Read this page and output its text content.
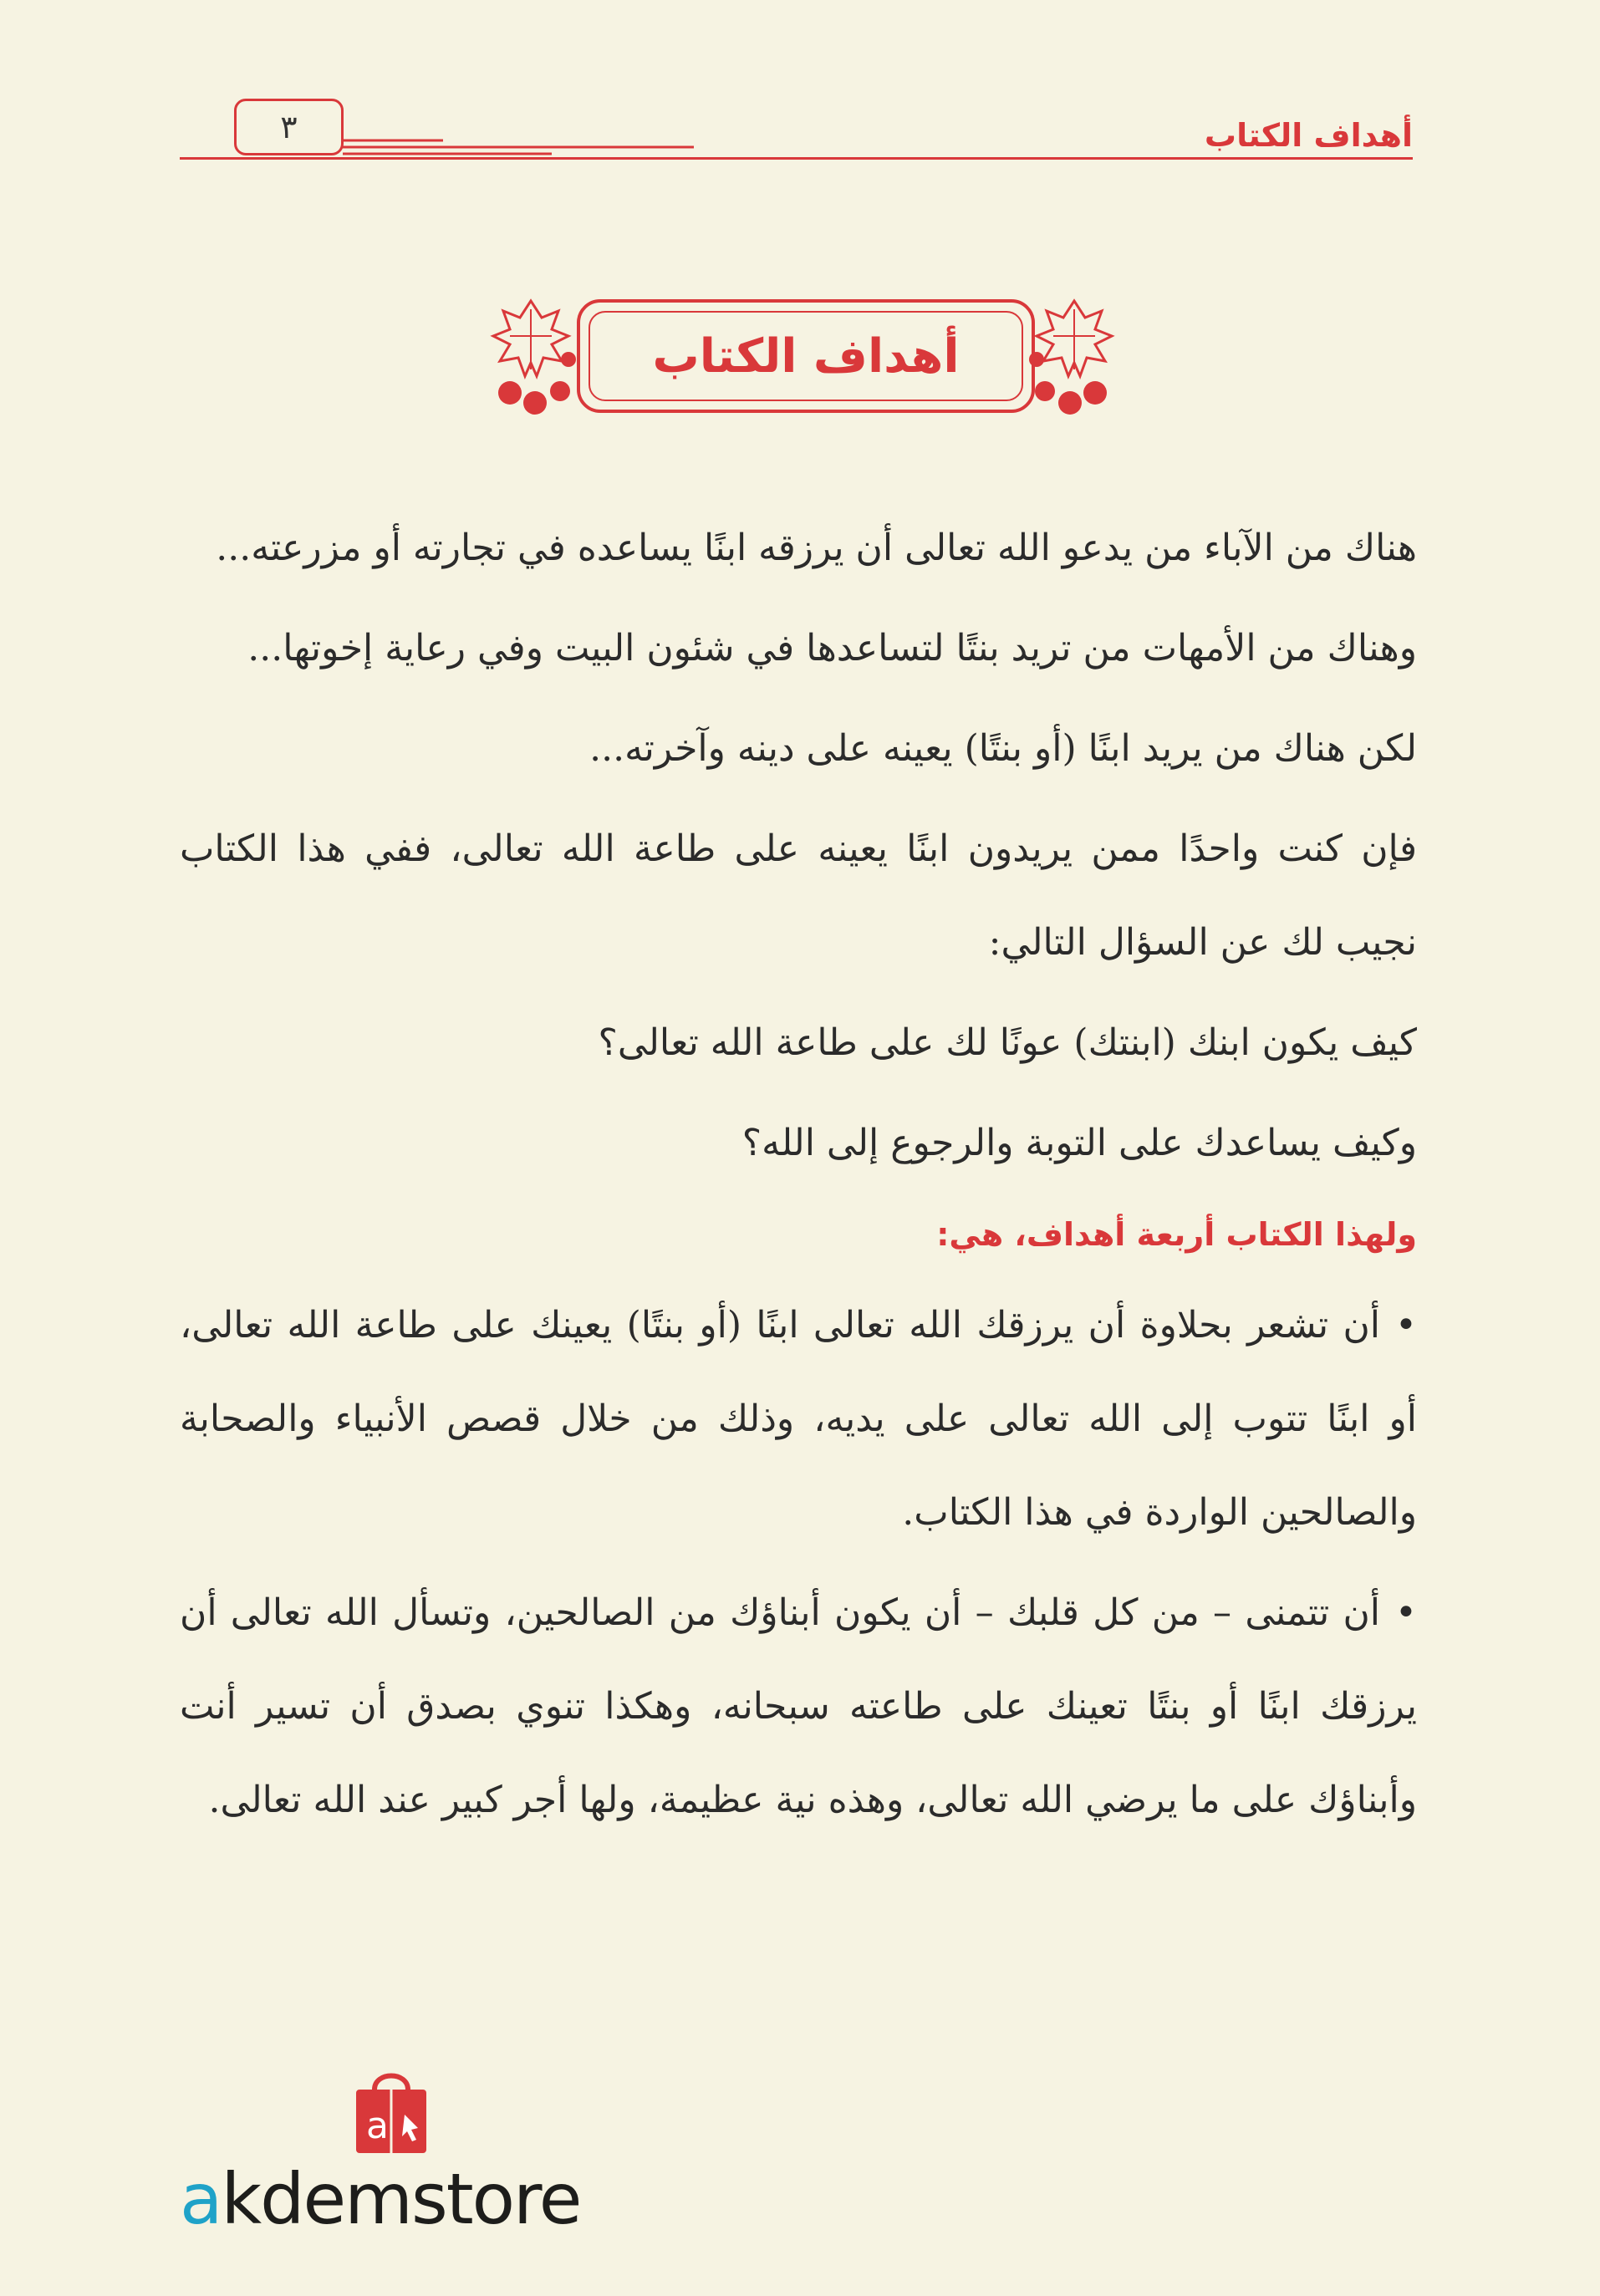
أهداف الكتاب
٣
أهداف الكتاب

هناك من الآباء من يدعو الله تعالى أن يرزقه ابنًا يساعده في تجارته أو مزرعته...

وهناك من الأمهات من تريد بنتًا لتساعدها في شئون البيت وفي رعاية إخوتها...

لكن هناك من يريد ابنًا (أو بنتًا) يعينه على دينه وآخرته...

فإن كنت واحدًا ممن يريدون ابنًا يعينه على طاعة الله تعالى، ففي هذا الكتاب نجيب لك عن السؤال التالي:

كيف يكون ابنك (ابنتك) عونًا لك على طاعة الله تعالى؟

وكيف يساعدك على التوبة والرجوع إلى الله؟

ولهذا الكتاب أربعة أهداف، هي:

•أن تشعر بحلاوة أن يرزقك الله تعالى ابنًا (أو بنتًا) يعينك على طاعة الله تعالى، أو ابنًا تتوب إلى الله تعالى على يديه، وذلك من خلال قصص الأنبياء والصحابة والصالحين الواردة في هذا الكتاب.

•أن تتمنى – من كل قلبك – أن يكون أبناؤك من الصالحين، وتسأل الله تعالى أن يرزقك ابنًا أو بنتًا تعينك على طاعته سبحانه، وهكذا تنوي بصدق أن تسير أنت وأبناؤك على ما يرضي الله تعالى، وهذه نية عظيمة، ولها أجر كبير عند الله تعالى.

a
akdemstore
